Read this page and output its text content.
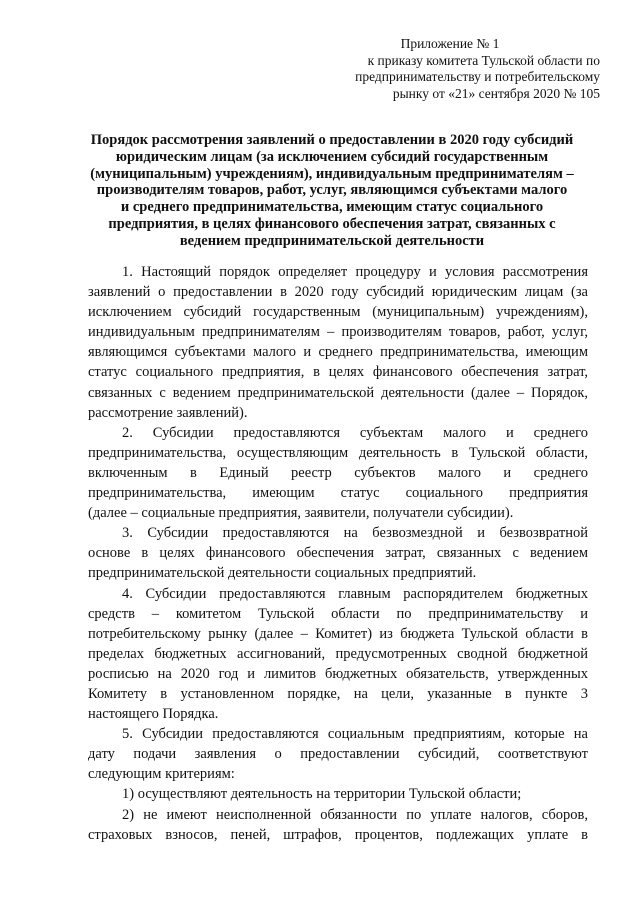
Приложение № 1
к приказу комитета Тульской области по
предпринимательству и потребительскому
рынку от «21» сентября 2020 № 105
Порядок рассмотрения заявлений о предоставлении в 2020 году субсидий
юридическим лицам (за исключением субсидий государственным
(муниципальным) учреждениям), индивидуальным предпринимателям –
производителям товаров, работ, услуг, являющимся субъектами малого
и среднего предпринимательства, имеющим статус социального
предприятия, в целях финансового обеспечения затрат, связанных с
ведением предпринимательской деятельности
1. Настоящий порядок определяет процедуру и условия рассмотрения
заявлений о предоставлении в 2020 году субсидий юридическим лицам (за
исключением субсидий государственным (муниципальным) учреждениям),
индивидуальным предпринимателям – производителям товаров, работ, услуг,
являющимся субъектами малого и среднего предпринимательства, имеющим
статус социального предприятия, в целях финансового обеспечения затрат,
связанных с ведением предпринимательской деятельности (далее – Порядок,
рассмотрение заявлений).
2. Субсидии предоставляются субъектам малого и среднего
предпринимательства, осуществляющим деятельность в Тульской области,
включенным в Единый реестр субъектов малого и среднего
предпринимательства, имеющим статус социального предприятия
(далее – социальные предприятия, заявители, получатели субсидии).
3. Субсидии предоставляются на безвозмездной и безвозвратной
основе в целях финансового обеспечения затрат, связанных с ведением
предпринимательской деятельности социальных предприятий.
4. Субсидии предоставляются главным распорядителем бюджетных
средств – комитетом Тульской области по предпринимательству и
потребительскому рынку (далее – Комитет) из бюджета Тульской области в
пределах бюджетных ассигнований, предусмотренных сводной бюджетной
росписью на 2020 год и лимитов бюджетных обязательств, утвержденных
Комитету в установленном порядке, на цели, указанные в пункте 3
настоящего Порядка.
5. Субсидии предоставляются социальным предприятиям, которые на
дату подачи заявления о предоставлении субсидий, соответствуют
следующим критериям:
1) осуществляют деятельность на территории Тульской области;
2) не имеют неисполненной обязанности по уплате налогов, сборов,
страховых взносов, пеней, штрафов, процентов, подлежащих уплате в
